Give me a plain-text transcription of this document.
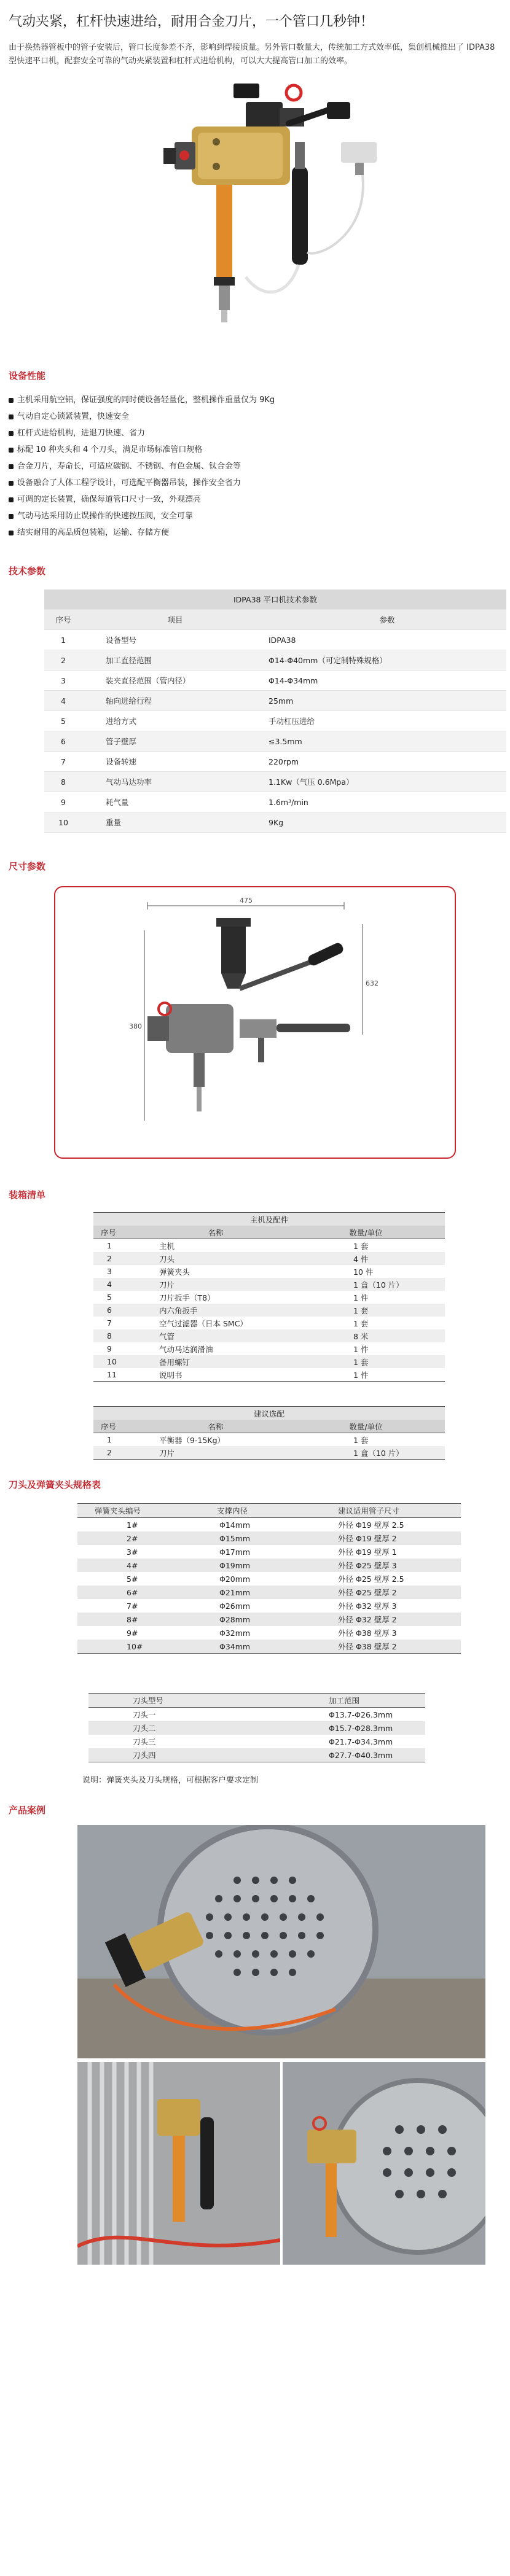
气动夹紧，杠杆快速进给，耐用合金刀片，一个管口几秒钟！
由于换热器管板中的管子安装后，管口长度参差不齐，影响到焊接质量。另外管口数量大，传统加工方式效率低，集创机械推出了 IDPA38 型快速平口机，配套安全可靠的气动夹紧装置和杠杆式进给机构，可以大大提高管口加工的效率。
设备性能
主机采用航空铝，保证强度的同时使设备轻量化，整机操作重量仅为 9Kg
气动自定心锁紧装置，快速安全
杠杆式进给机构，进退刀快速、省力
标配 10 种夹头和 4 个刀头，满足市场标准管口规格
合金刀片，寿命长，可适应碳钢、不锈钢、有色金属、钛合金等
设备融合了人体工程学设计，可选配平衡器吊装，操作安全省力
可调的定长装置，确保每道管口尺寸一致，外观漂亮
气动马达采用防止误操作的快速按压阀，安全可靠
结实耐用的高品质包装箱，运输、存储方便
技术参数
IDPA38 平口机技术参数		
序号	项目	参数
1	设备型号	IDPA38
2	加工直径范围	Φ14-Φ40mm（可定制特殊规格）
3	装夹直径范围（管内径）	Φ14-Φ34mm
4	轴向进给行程	25mm
5	进给方式	手动杠压进给
6	管子壁厚	≤3.5mm
7	设备转速	220rpm
8	气动马达功率	1.1Kw（气压 0.6Mpa）
9	耗气量	1.6m³/min
10	重量	9Kg
尺寸参数
475
632
380
装箱清单
主机及配件		
序号	名称	数量/单位
1	主机	1 套
2	刀头	4 件
3	弹簧夹头	10 件
4	刀片	1 盒（10 片）
5	刀片扳手（T8）	1 件
6	内六角扳手	1 套
7	空气过滤器（日本 SMC）	1 套
8	气管	8 米
9	气动马达润滑油	1 件
10	备用螺钉	1 套
11	说明书	1 件
建议选配		
序号	名称	数量/单位
1	平衡器（9-15Kg）	1 套
2	刀片	1 盒（10 片）
刀头及弹簧夹头规格表
弹簧夹头编号	支撑内径	建议适用管子尺寸
1#	Φ14mm	外径 Φ19 壁厚 2.5
2#	Φ15mm	外径 Φ19 壁厚 2
3#	Φ17mm	外径 Φ19 壁厚 1
4#	Φ19mm	外径 Φ25 壁厚 3
5#	Φ20mm	外径 Φ25 壁厚 2.5
6#	Φ21mm	外径 Φ25 壁厚 2
7#	Φ26mm	外径 Φ32 壁厚 3
8#	Φ28mm	外径 Φ32 壁厚 2
9#	Φ32mm	外径 Φ38 壁厚 3
10#	Φ34mm	外径 Φ38 壁厚 2
刀头型号	加工范围
刀头一	Φ13.7-Φ26.3mm
刀头二	Φ15.7-Φ28.3mm
刀头三	Φ21.7-Φ34.3mm
刀头四	Φ27.7-Φ40.3mm
说明：弹簧夹头及刀头规格，可根据客户要求定制
产品案例
